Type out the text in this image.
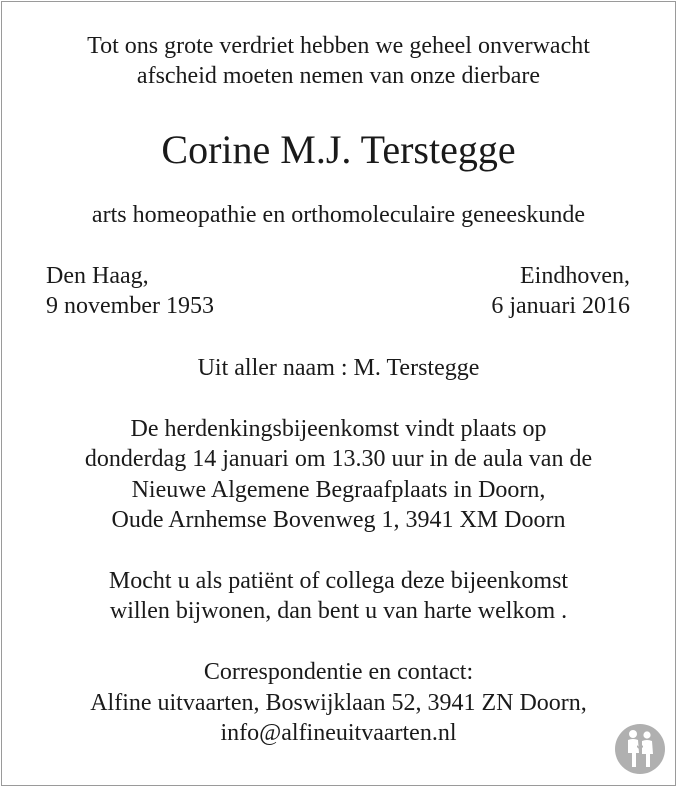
Tot ons grote verdriet hebben we geheel onverwacht

afscheid moeten nemen van onze dierbare

Corine M.J. Terstegge

arts homeopathie en orthomoleculaire geneeskunde

Den Haag,
9 november 1953
Eindhoven,
6 januari 2016

Uit aller naam : M. Terstegge

De herdenkingsbijeenkomst vindt plaats op

donderdag 14 januari om 13.30 uur in de aula van de

Nieuwe Algemene Begraafplaats in Doorn,

Oude Arnhemse Bovenweg 1, 3941 XM Doorn

Mocht u als patiënt of collega deze bijeenkomst

willen bijwonen, dan bent u van harte welkom .

Correspondentie en contact:

Alfine uitvaarten, Boswijklaan 52, 3941 ZN Doorn,

info@alfineuitvaarten.nl
